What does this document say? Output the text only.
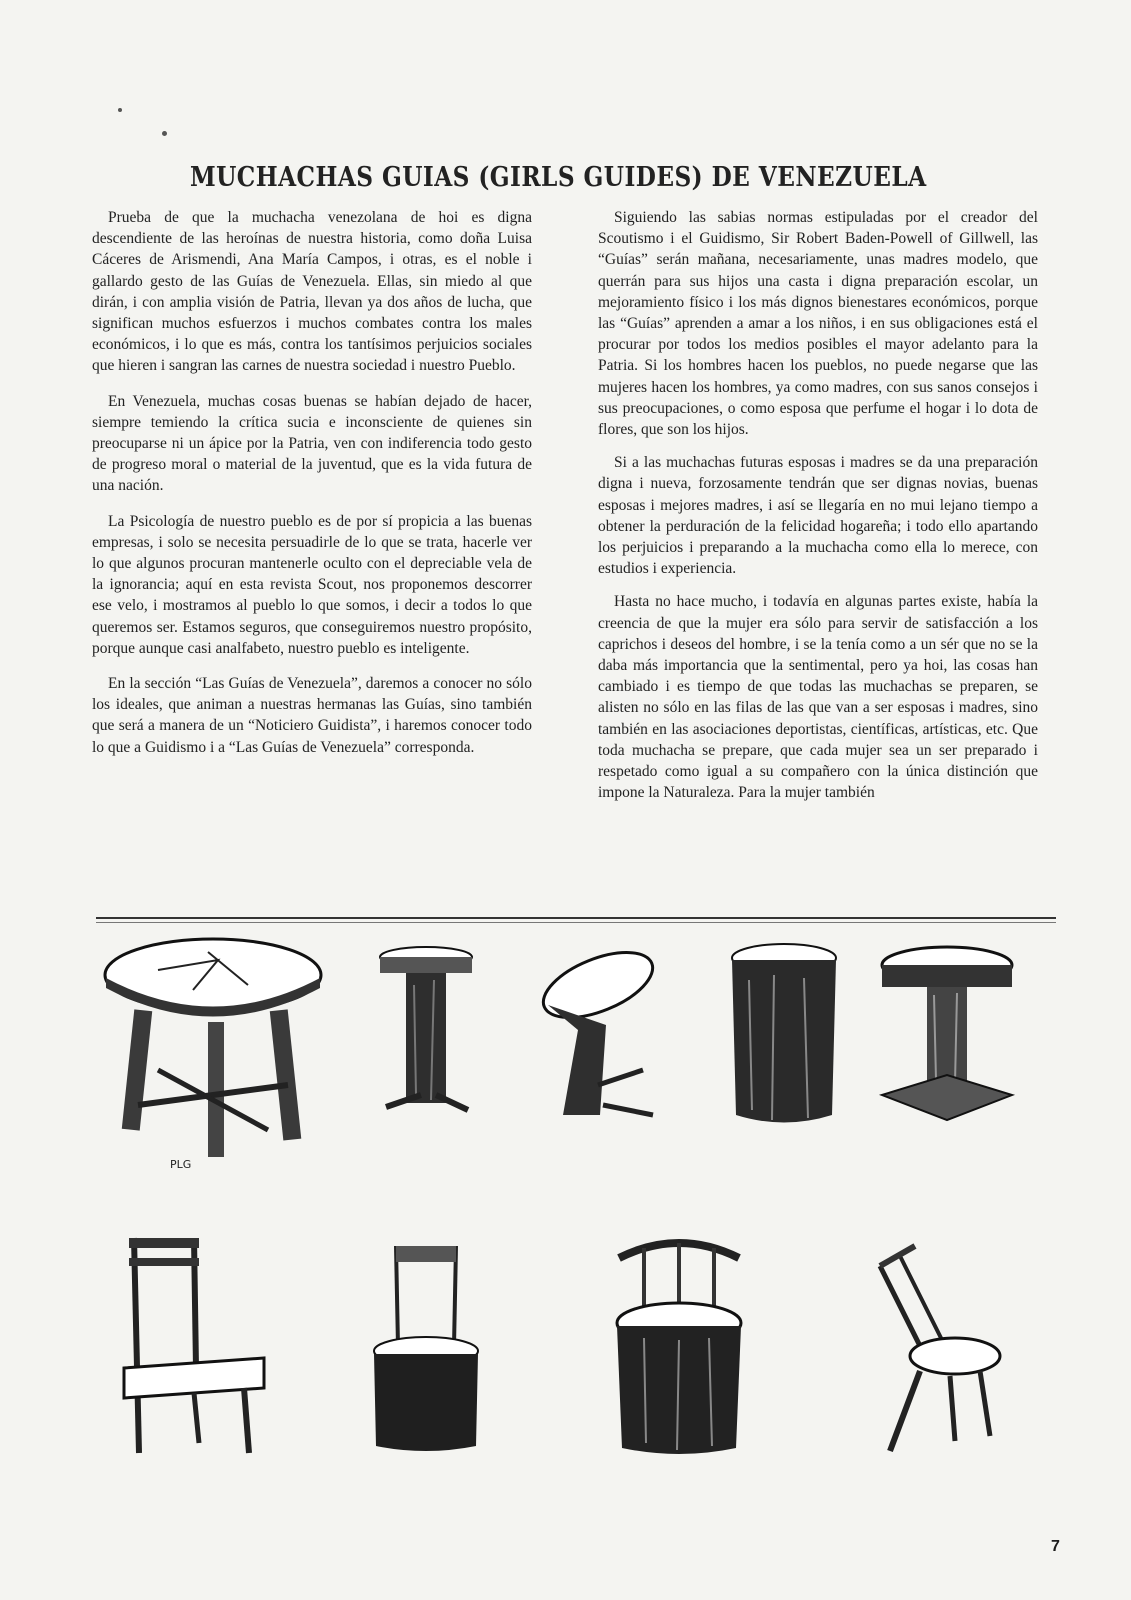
MUCHACHAS GUIAS (GIRLS GUIDES) DE VENEZUELA

Prueba de que la muchacha venezolana de hoi es digna descendiente de las heroínas de nuestra historia, como doña Luisa Cáceres de Arismendi, Ana María Campos, i otras, es el noble i gallardo gesto de las Guías de Venezuela. Ellas, sin miedo al que dirán, i con amplia visión de Patria, llevan ya dos años de lucha, que significan muchos esfuerzos i muchos combates contra los males económicos, i lo que es más, contra los tantísimos perjuicios sociales que hieren i sangran las carnes de nuestra sociedad i nuestro Pueblo.

En Venezuela, muchas cosas buenas se habían dejado de hacer, siempre temiendo la crítica sucia e inconsciente de quienes sin preocuparse ni un ápice por la Patria, ven con indiferencia todo gesto de progreso moral o material de la juventud, que es la vida futura de una nación.

La Psicología de nuestro pueblo es de por sí propicia a las buenas empresas, i solo se necesita persuadirle de lo que se trata, hacerle ver lo que algunos procuran mantenerle oculto con el depreciable vela de la ignorancia; aquí en esta revista Scout, nos proponemos descorrer ese velo, i mostramos al pueblo lo que somos, i decir a todos lo que queremos ser. Estamos seguros, que conseguiremos nuestro propósito, porque aunque casi analfabeto, nuestro pueblo es inteligente.

En la sección “Las Guías de Venezuela”, daremos a conocer no sólo los ideales, que animan a nuestras hermanas las Guías, sino también que será a manera de un “Noticiero Guidista”, i haremos conocer todo lo que a Guidismo i a “Las Guías de Venezuela” corresponda.

Siguiendo las sabias normas estipuladas por el creador del Scoutismo i el Guidismo, Sir Robert Baden-Powell of Gillwell, las “Guías” serán mañana, necesariamente, unas madres modelo, que querrán para sus hijos una casta i digna preparación escolar, un mejoramiento físico i los más dignos bienestares económicos, porque las “Guías” aprenden a amar a los niños, i en sus obligaciones está el procurar por todos los medios posibles el mayor adelanto para la Patria. Si los hombres hacen los pueblos, no puede negarse que las mujeres hacen los hombres, ya como madres, con sus sanos consejos i sus preocupaciones, o como esposa que perfume el hogar i lo dota de flores, que son los hijos.

Si a las muchachas futuras esposas i madres se da una preparación digna i nueva, forzosamente tendrán que ser dignas novias, buenas esposas i mejores madres, i así se llegaría en no mui lejano tiempo a obtener la perduración de la felicidad hogareña; i todo ello apartando los perjuicios i preparando a la muchacha como ella lo merece, con estudios i experiencia.

Hasta no hace mucho, i todavía en algunas partes existe, había la creencia de que la mujer era sólo para servir de satisfacción a los caprichos i deseos del hombre, i se la tenía como a un sér que no se la daba más importancia que la sentimental, pero ya hoi, las cosas han cambiado i es tiempo de que todas las muchachas se preparen, se alisten no sólo en las filas de las que van a ser esposas i madres, sino también en las asociaciones deportistas, científicas, artísticas, etc. Que toda muchacha se prepare, que cada mujer sea un ser preparado i respetado como igual a su compañero con la única distinción que impone la Naturaleza. Para la mujer también

PLG
7
